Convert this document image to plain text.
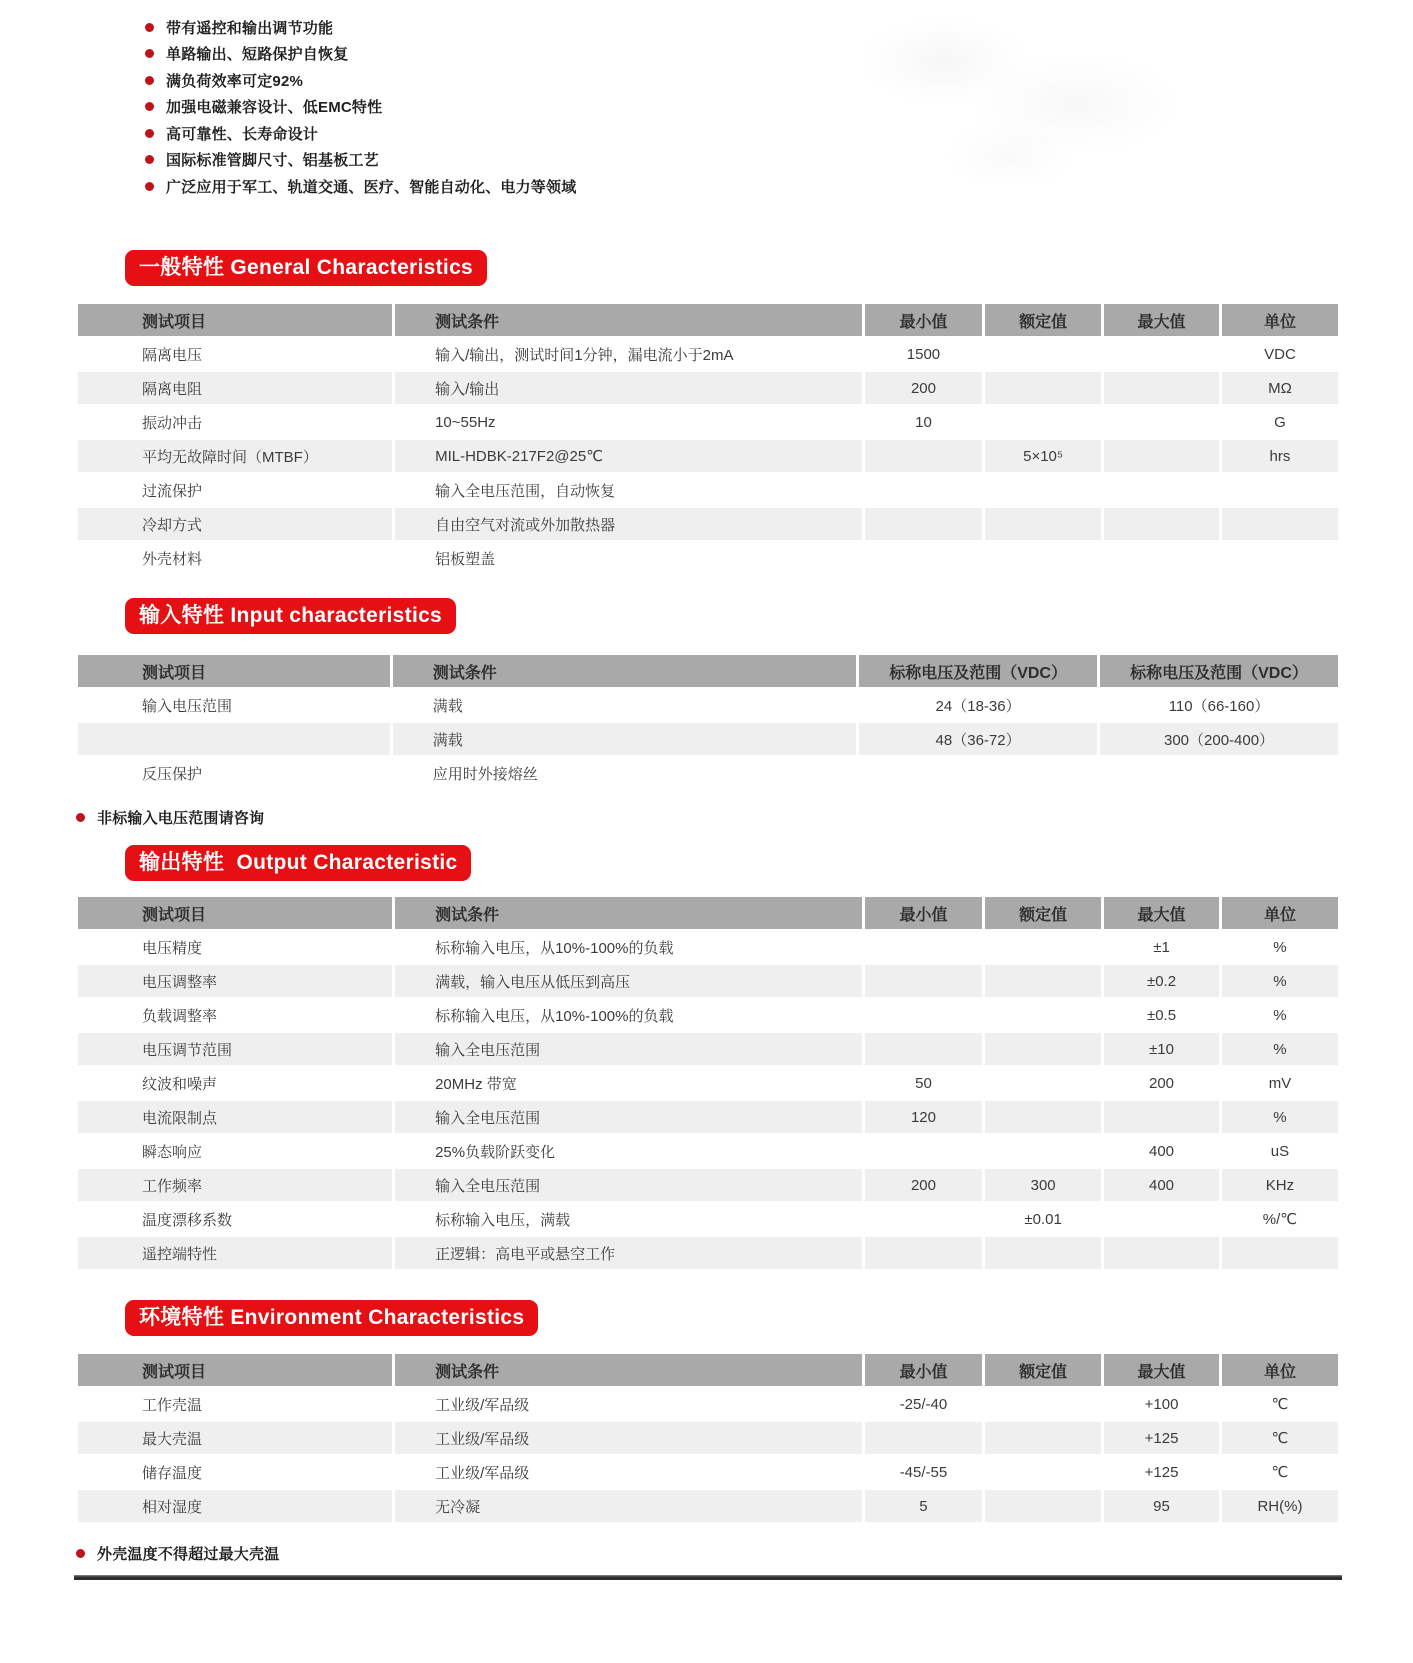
带有遥控和输出调节功能
单路输出、短路保护自恢复
满负荷效率可定92%
加强电磁兼容设计、低EMC特性
高可靠性、长寿命设计
国际标准管脚尺寸、铝基板工艺
广泛应用于军工、轨道交通、医疗、智能自动化、电力等领域
一般特性 General Characteristics
测试项目	测试条件	最小值	额定值	最大值	单位
隔离电压	输入/输出，测试时间1分钟，漏电流小于2mA	1500			VDC
隔离电阻	输入/输出	200			MΩ
振动冲击	10~55Hz	10			G
平均无故障时间（MTBF）	MIL-HDBK-217F2@25℃		5×10⁵		hrs
过流保护	输入全电压范围，自动恢复				
冷却方式	自由空气对流或外加散热器				
外壳材料	铝板塑盖				
输入特性 Input characteristics
测试项目	测试条件	标称电压及范围（VDC）	标称电压及范围（VDC）
输入电压范围	满载	24（18-36）	110（66-160）
	满载	48（36-72）	300（200-400）
反压保护	应用时外接熔丝		
非标输入电压范围请咨询
输出特性  Output Characteristic
测试项目	测试条件	最小值	额定值	最大值	单位
电压精度	标称输入电压，从10%-100%的负载			±1	%
电压调整率	满载，输入电压从低压到高压			±0.2	%
负载调整率	标称输入电压，从10%-100%的负载			±0.5	%
电压调节范围	输入全电压范围			±10	%
纹波和噪声	20MHz 带宽	50		200	mV
电流限制点	输入全电压范围	120			%
瞬态响应	25%负载阶跃变化			400	uS
工作频率	输入全电压范围	200	300	400	KHz
温度漂移系数	标称输入电压，满载		±0.01		%/℃
遥控端特性	正逻辑：高电平或悬空工作				
环境特性 Environment Characteristics
测试项目	测试条件	最小值	额定值	最大值	单位
工作壳温	工业级/军品级	-25/-40		+100	℃
最大壳温	工业级/军品级			+125	℃
储存温度	工业级/军品级	-45/-55		+125	℃
相对湿度	无冷凝	5		95	RH(%)
外壳温度不得超过最大壳温
